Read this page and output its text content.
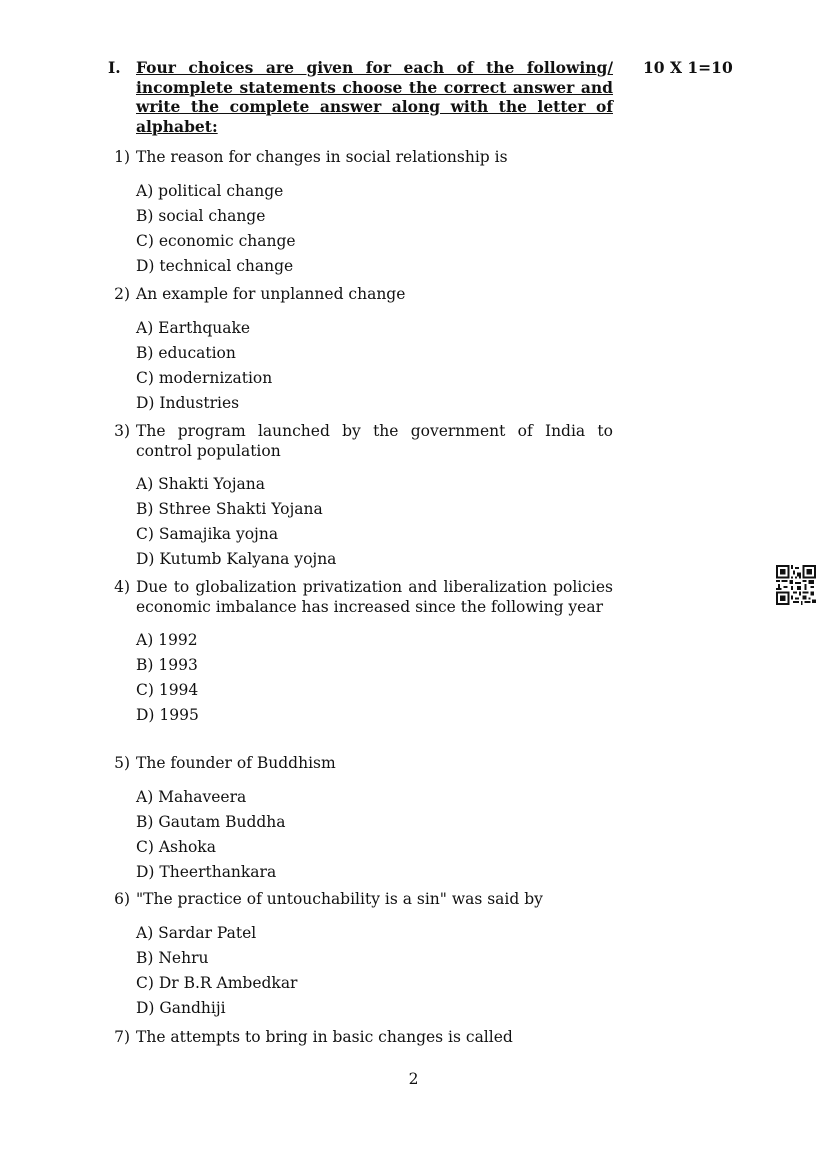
I. Four choices are given for each of the following/ incomplete statements choose the correct answer and write the complete answer along with the letter of alphabet:
10 X 1=10
1) The reason for changes in social relationship is
A) political change
B) social change
C) economic change
D) technical change
2) An example for unplanned change
A) Earthquake
B) education
C) modernization
D) Industries
3) The program launched by the government of India to control population
A) Shakti Yojana
B) Sthree Shakti Yojana
C) Samajika yojna
D) Kutumb Kalyana yojna
4) Due to globalization privatization and liberalization policies economic imbalance has increased since the following year
A) 1992
B) 1993
C) 1994
D) 1995
5) The founder of Buddhism
A) Mahaveera
B) Gautam Buddha
C) Ashoka
D) Theerthankara
6) "The practice of untouchability is a sin" was said by
A) Sardar Patel
B) Nehru
C) Dr B.R Ambedkar
D) Gandhiji
7) The attempts to bring in basic changes is called
2
